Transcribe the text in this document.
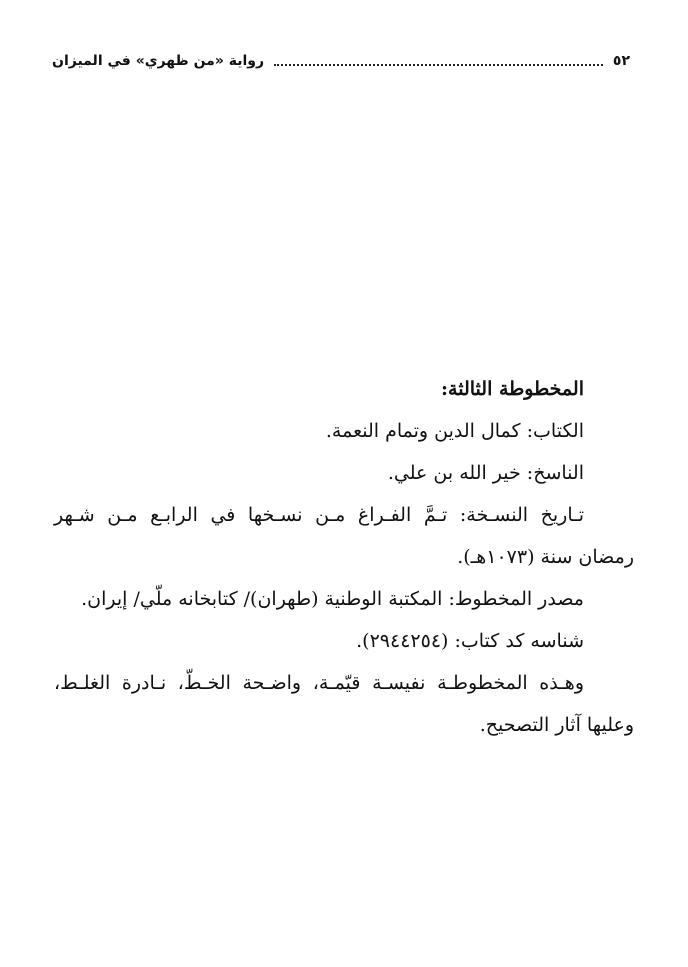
٥٢
رواية «من ظهري» في الميزان

المخطوطة الثالثة:

الكتاب: كمال الدين وتمام النعمة.

الناسخ: خير الله بن علي.

تـاريخ النسـخة: تـمَّ الفـراغ مـن نسـخها في الرابـع مـن شـهر

رمضان سنة (١٠٧٣هـ).

مصدر المخطوط: المكتبة الوطنية (طهران)/ كتابخانه ملّي/ إيران.

شناسه كد كتاب: (٢٩٤٤٢٥٤).

وهـذه المخطوطـة نفيسـة قيّمـة، واضـحة الخـطّ، نـادرة الغلـط،

وعليها آثار التصحيح.
